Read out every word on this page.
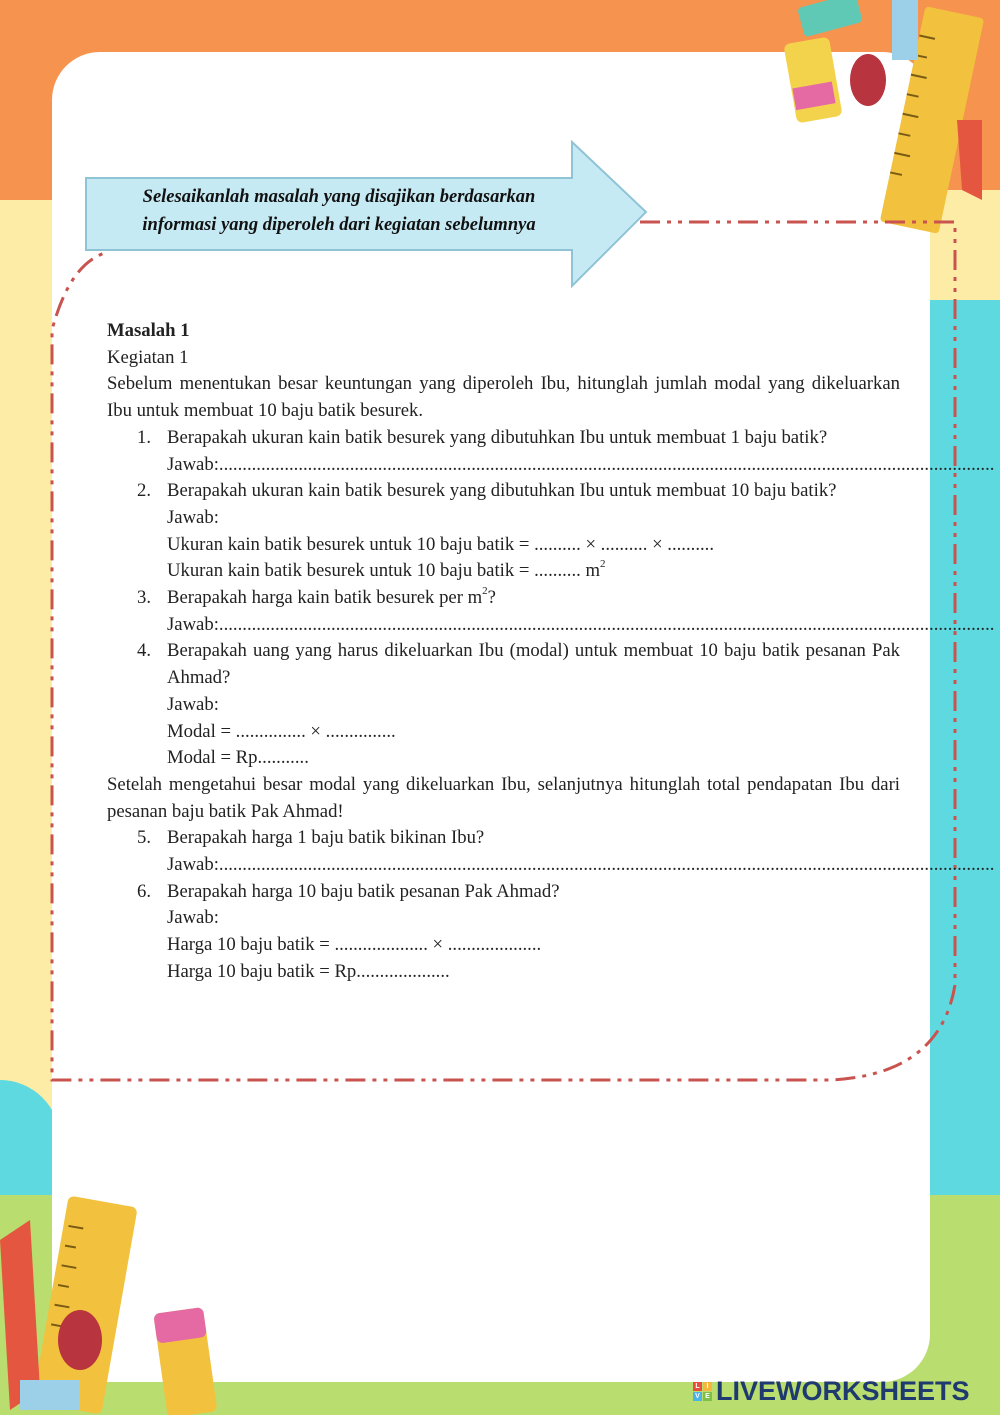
Selesaikanlah masalah yang disajikan berdasarkan
informasi yang diperoleh dari kegiatan sebelumnya

Masalah 1

Kegiatan 1

Sebelum menentukan besar keuntungan yang diperoleh Ibu, hitunglah jumlah modal yang dikeluarkan Ibu untuk membuat 10 baju batik besurek.

1. Berapakah ukuran kain batik besurek yang dibutuhkan Ibu untuk membuat 1 baju batik?

Jawab: ......................................................................................................................................................................
2. Berapakah ukuran kain batik besurek yang dibutuhkan Ibu untuk membuat 10 baju batik?

Jawab:

Ukuran kain batik besurek untuk 10 baju batik = .......... × .......... × ..........

Ukuran kain batik besurek untuk 10 baju batik = .......... $m^2$

3. Berapakah harga kain batik besurek per $m^2$?

Jawab: ......................................................................................................................................................................
4. Berapakah uang yang harus dikeluarkan Ibu (modal) untuk membuat 10 baju batik pesanan Pak Ahmad?

Jawab:

Modal = ............... × ...............

Modal = Rp...........

Setelah mengetahui besar modal yang dikeluarkan Ibu, selanjutnya hitunglah total pendapatan Ibu dari pesanan baju batik Pak Ahmad!

5. Berapakah harga 1 baju batik bikinan Ibu?

Jawab: ......................................................................................................................................................................
6. Berapakah harga 10 baju batik pesanan Pak Ahmad?

Jawab:

Harga 10 baju batik = .................... × ....................

Harga 10 baju batik = Rp....................

L I
V E LIVEWORKSHEETS
